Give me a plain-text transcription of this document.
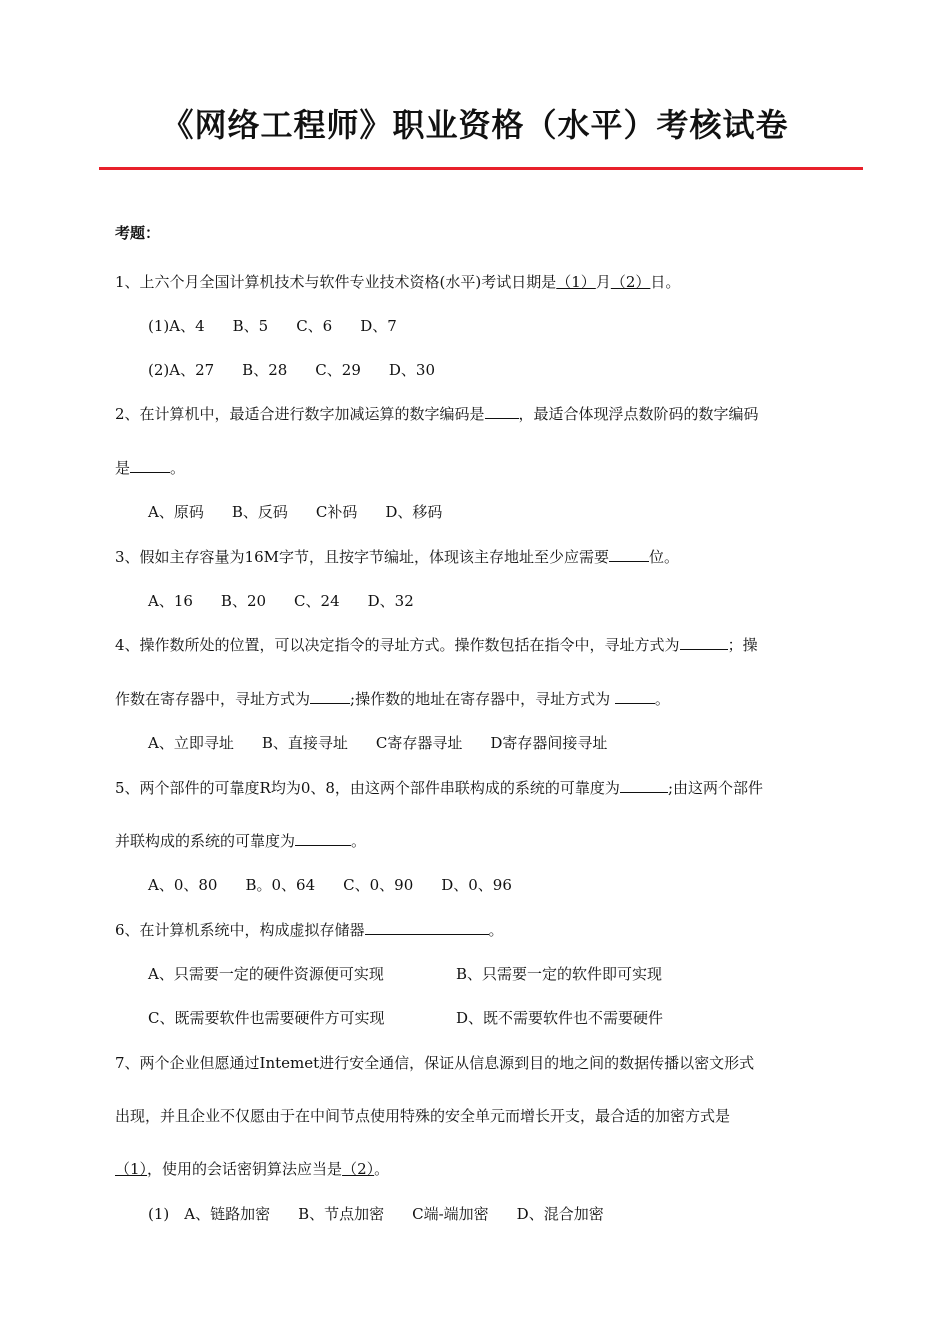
《网络工程师》职业资格（水平）考核试卷
考题：
1、上六个月全国计算机技术与软件专业技术资格(水平)考试日期是（1）月（2）日。
(1)A、4 B、5 C、6 D、7
(2)A、27 B、28 C、29 D、30
2、在计算机中，最适合进行数字加减运算的数字编码是 ，最适合体现浮点数阶码的数字编码
是	。
A、原码 B、反码 C补码 D、移码
3、假如主存容量为16M字节，且按字节编址，体现该主存地址至少应需要	位。
A、16 B、20 C、24 D、32
4、操作数所处的位置，可以决定指令的寻址方式。操作数包括在指令中，寻址方式为	；操
作数在寄存器中，寻址方式为	;操作数的地址在寄存器中，寻址方式为	。
A、立即寻址 B、直接寻址 C寄存器寻址 D寄存器间接寻址
5、两个部件的可靠度R均为0、8，由这两个部件串联构成的系统的可靠度为	;由这两个部件
并联构成的系统的可靠度为	。
A、0、80 B。0、64 C、0、90 D、0、96
6、在计算机系统中，构成虚拟存储器	。
A、只需要一定的硬件资源便可实现	B、只需要一定的软件即可实现
C、既需要软件也需要硬件方可实现	D、既不需要软件也不需要硬件
7、两个企业但愿通过Intemet进行安全通信，保证从信息源到目的地之间的数据传播以密文形式
出现，并且企业不仅愿由于在中间节点使用特殊的安全单元而增长开支，最合适的加密方式是
（1），使用的会话密钥算法应当是（2）。
(1)　A、链路加密 B、节点加密 C端-端加密 D、混合加密
